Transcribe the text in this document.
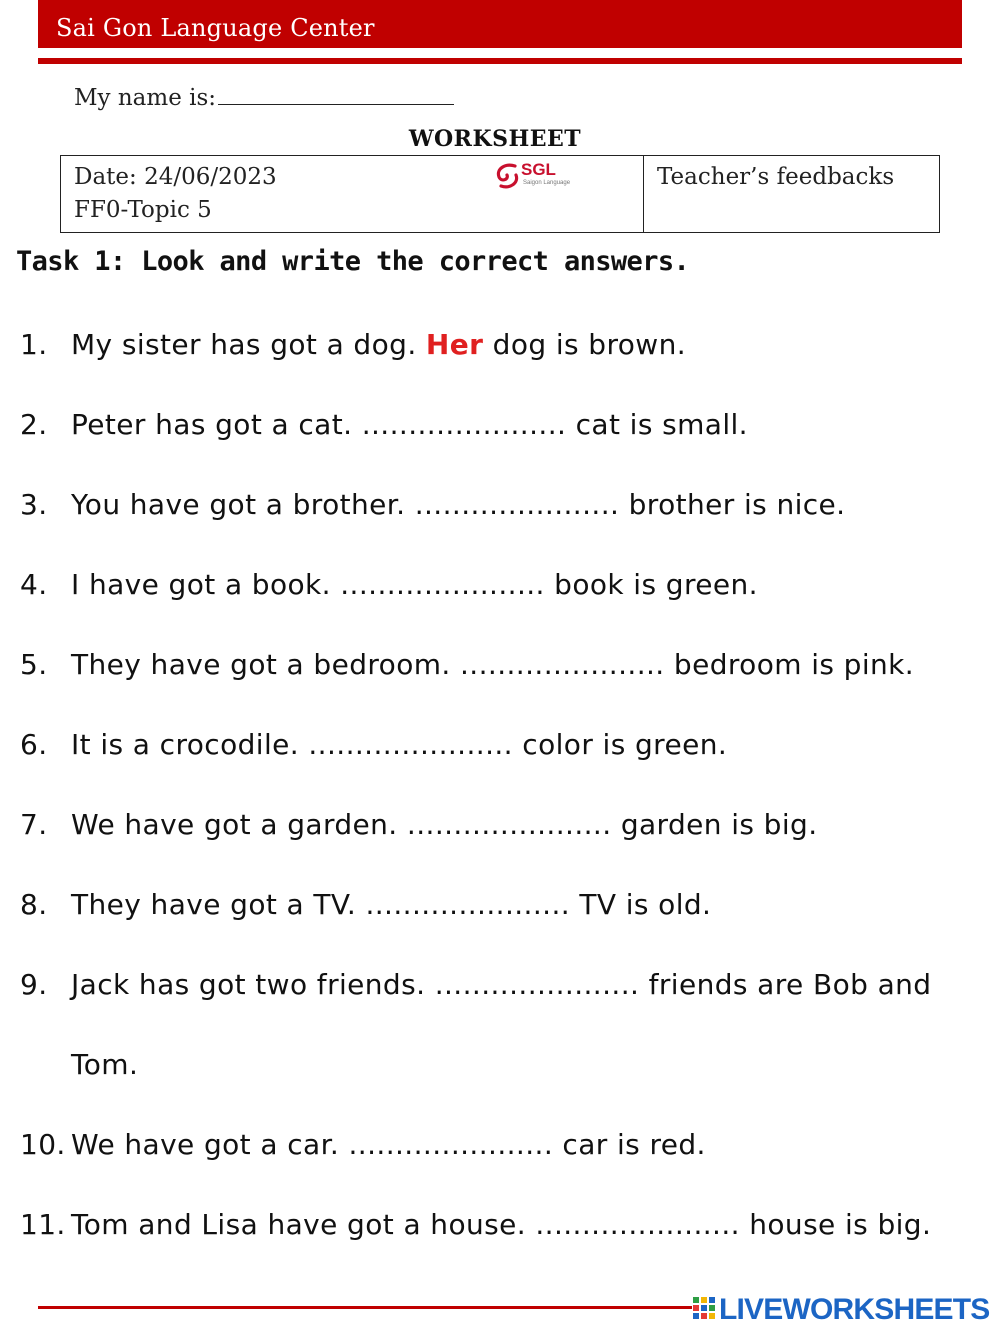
Sai Gon Language Center
My name is:
WORKSHEET
Date: 24/06/2023
FF0-Topic 5
SGL
Saigon Language	Teacher’s feedbacks
Task 1: Look and write the correct answers.
1. My sister has got a dog. Her dog is brown.
2. Peter has got a cat. ...................... cat is small.
3. You have got a brother. ...................... brother is nice.
4. I have got a book. ...................... book is green.
5. They have got a bedroom. ...................... bedroom is pink.
6. It is a crocodile. ...................... color is green.
7. We have got a garden. ...................... garden is big.
8. They have got a TV. ...................... TV is old.
9. Jack has got two friends. ...................... friends are Bob and
Tom.
10. We have got a car. ...................... car is red.
11. Tom and Lisa have got a house. ...................... house is big.
LIVEWORKSHEETS
